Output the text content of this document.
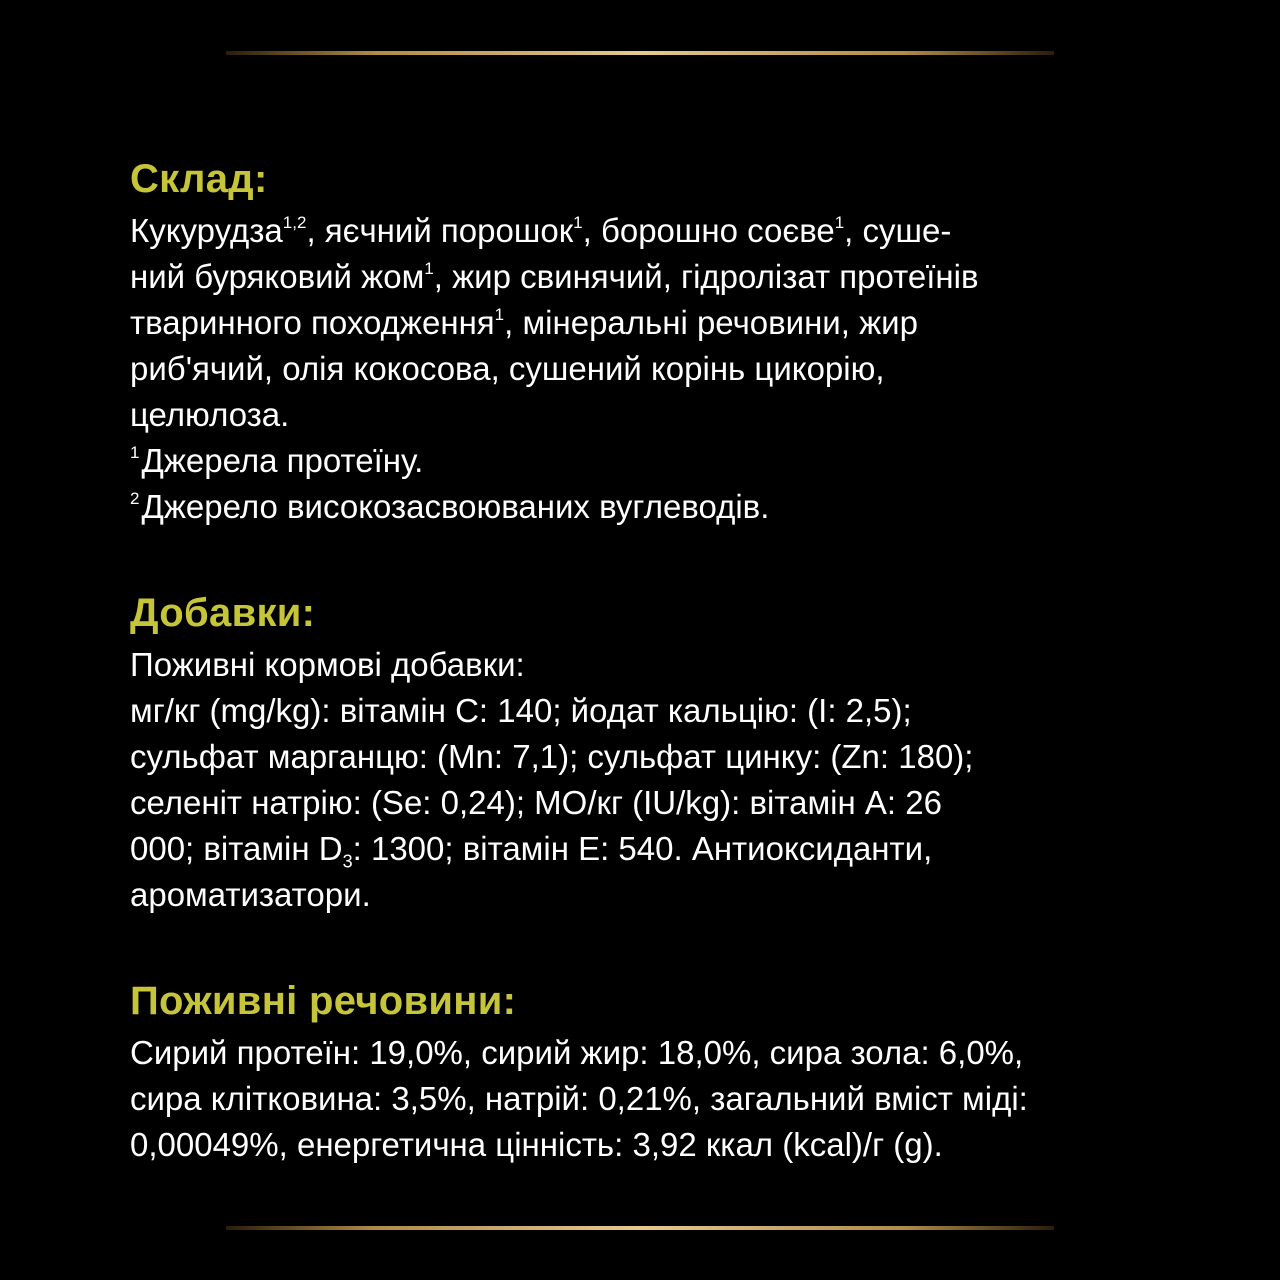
Склад:

Кукурудза$^{1,2}$, яєчний порошок$^1$, борошно соєве$^1$, суше-

ний буряковий жом$^1$, жир свинячий, гідролізат протеїнів

тваринного походження$^1$, мінеральні речовини, жир

риб'ячий, олія кокосова, сушений корінь цикорію,

целюлоза.

$^1$Джерела протеїну.

$^2$Джерело високозасвоюваних вуглеводів.

Добавки:

Поживні кормові добавки:

мг/кг (mg/kg): вітамін С: 140; йодат кальцію: (I: 2,5);

сульфат марганцю: (Mn: 7,1); сульфат цинку: (Zn: 180);

селеніт натрію: (Se: 0,24); МО/кг (IU/kg): вітамін А: 26

000; вітамін $D_3$: 1300; вітамін Е: 540. Антиоксиданти,

ароматизатори.

Поживні речовини:

Сирий протеїн: 19,0%, сирий жир: 18,0%, сира зола: 6,0%,

сира клітковина: 3,5%, натрій: 0,21%, загальний вміст міді:

0,00049%, енергетична цінність: 3,92 ккал (kcal)/г (g).
